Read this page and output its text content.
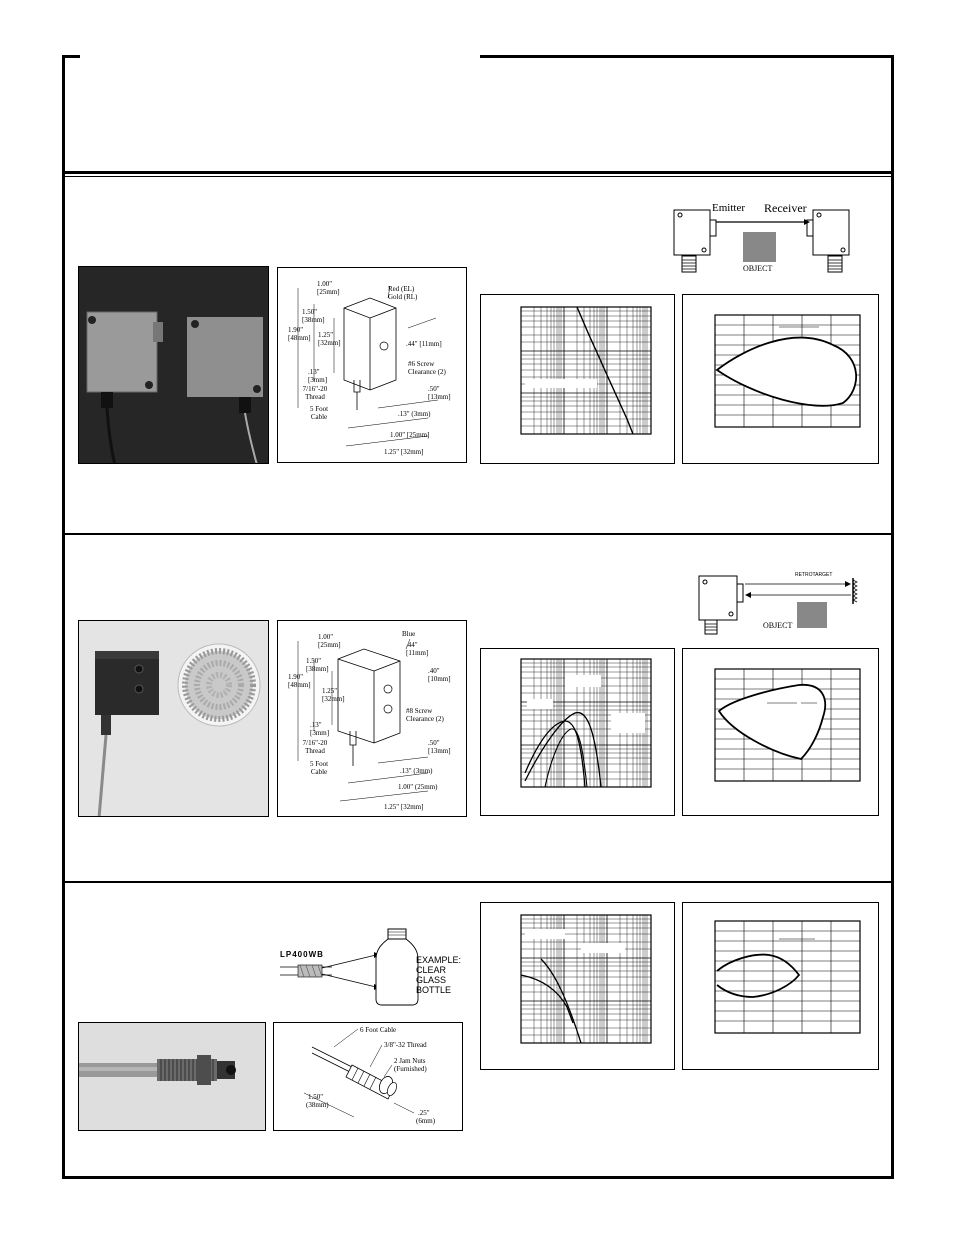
Emitter Receiver
OBJECT
Red (EL)
Gold (RL)
1.00" [25mm]
1.50" [38mm]
1.90" [48mm]	1.25" [32mm]	.44" [11mm]
.13" [3mm]
#6 Screw Clearance (2)
7/16"-20 Thread
.50" [13mm]
5 Foot Cable	.13" (3mm)
1.00" [25mm]
1.25" [32mm]
RETROTARGET
OBJECT
Blue
1.00" [25mm]	.44" [11mm]
1.50" [38mm]
1.90" [48mm]
.40" [10mm]
1.25" [32mm]
#8 Screw Clearance (2)
.13" [3mm]
7/16"-20 Thread
.50" [13mm]
5 Foot Cable	.13" (3mm)
1.00" (25mm)
1.25" [32mm]
LP400WB
EXAMPLE:
CLEAR
GLASS
BOTTLE
6 Foot Cable
3/8"-32 Thread
2 Jam Nuts
(Furnished)
1.50"
(38mm)
.25"
(6mm)
